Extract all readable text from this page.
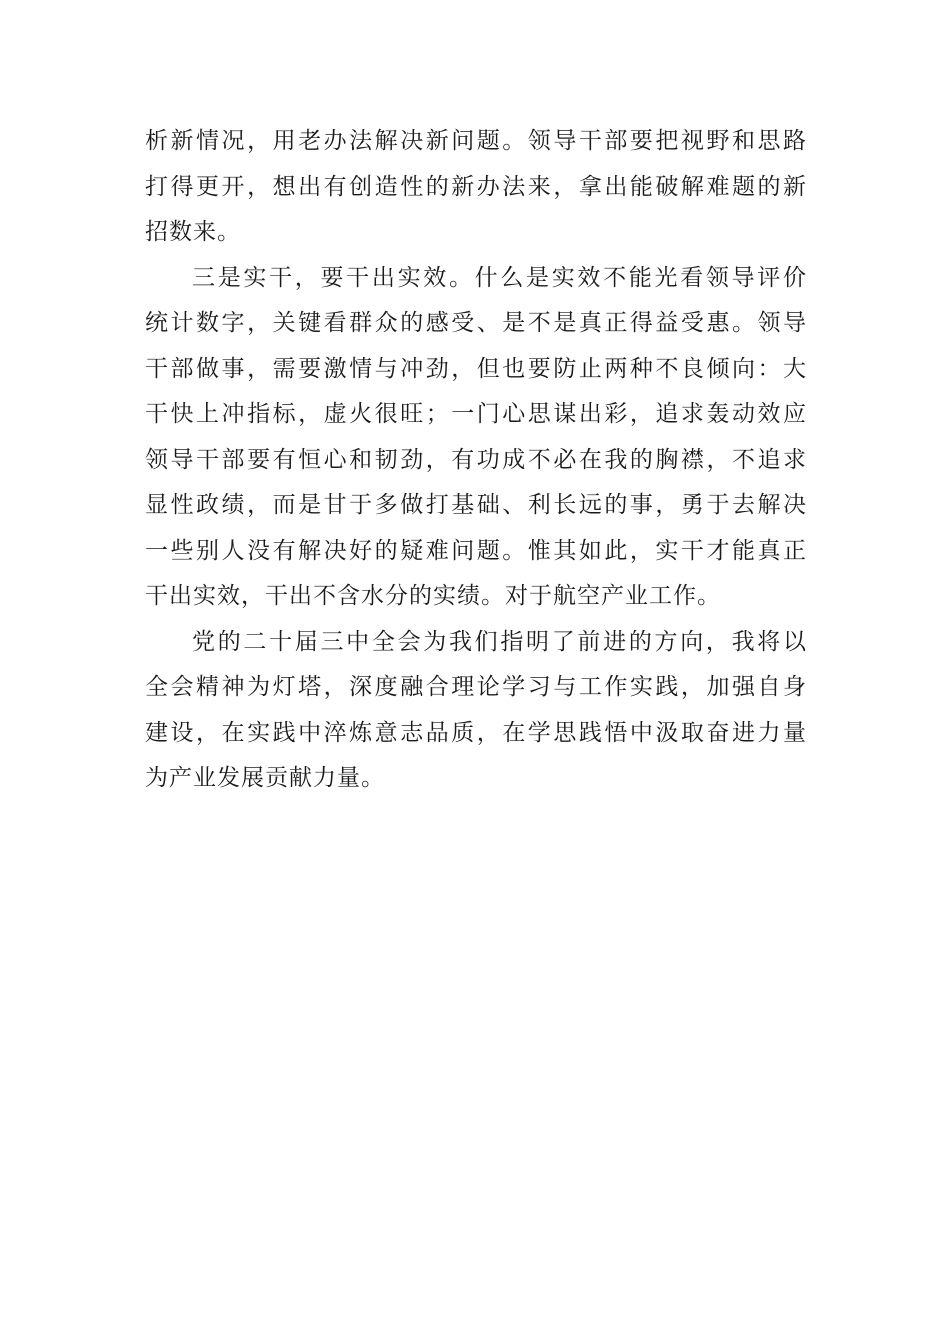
析新情况，用老办法解决新问题。领导干部要把视野和思路
打得更开，想出有创造性的新办法来，拿出能破解难题的新
招数来。
三是实干，要干出实效。什么是实效不能光看领导评价
统计数字，关键看群众的感受、是不是真正得益受惠。领导
干部做事，需要激情与冲劲，但也要防止两种不良倾向：大
干快上冲指标，虚火很旺；一门心思谋出彩，追求轰动效应
领导干部要有恒心和韧劲，有功成不必在我的胸襟，不追求
显性政绩，而是甘于多做打基础、利长远的事，勇于去解决
一些别人没有解决好的疑难问题。惟其如此，实干才能真正
干出实效，干出不含水分的实绩。对于航空产业工作。
党的二十届三中全会为我们指明了前进的方向，我将以
全会精神为灯塔，深度融合理论学习与工作实践，加强自身
建设，在实践中淬炼意志品质，在学思践悟中汲取奋进力量
为产业发展贡献力量。
